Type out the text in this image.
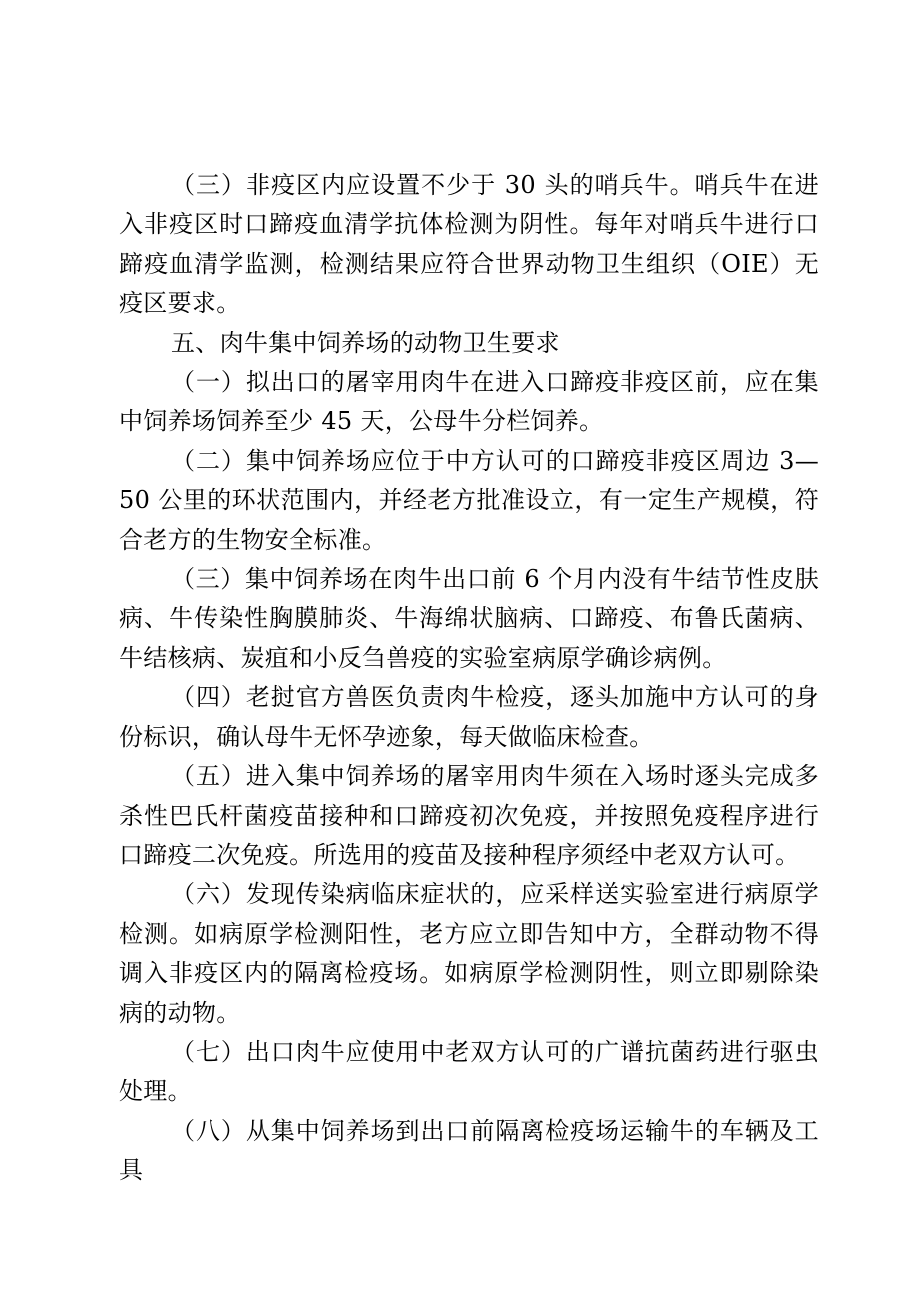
（三）非疫区内应设置不少于 30 头的哨兵牛。哨兵牛在进入非疫区时口蹄疫血清学抗体检测为阴性。每年对哨兵牛进行口蹄疫血清学监测，检测结果应符合世界动物卫生组织（OIE）无疫区要求。

五、肉牛集中饲养场的动物卫生要求

（一）拟出口的屠宰用肉牛在进入口蹄疫非疫区前，应在集中饲养场饲养至少 45 天，公母牛分栏饲养。

（二）集中饲养场应位于中方认可的口蹄疫非疫区周边 3—50 公里的环状范围内，并经老方批准设立，有一定生产规模，符合老方的生物安全标准。

（三）集中饲养场在肉牛出口前 6 个月内没有牛结节性皮肤病、牛传染性胸膜肺炎、牛海绵状脑病、口蹄疫、布鲁氏菌病、牛结核病、炭疽和小反刍兽疫的实验室病原学确诊病例。

（四）老挝官方兽医负责肉牛检疫，逐头加施中方认可的身份标识，确认母牛无怀孕迹象，每天做临床检查。

（五）进入集中饲养场的屠宰用肉牛须在入场时逐头完成多杀性巴氏杆菌疫苗接种和口蹄疫初次免疫，并按照免疫程序进行口蹄疫二次免疫。所选用的疫苗及接种程序须经中老双方认可。

（六）发现传染病临床症状的，应采样送实验室进行病原学检测。如病原学检测阳性，老方应立即告知中方，全群动物不得调入非疫区内的隔离检疫场。如病原学检测阴性，则立即剔除染病的动物。

（七）出口肉牛应使用中老双方认可的广谱抗菌药进行驱虫处理。

（八）从集中饲养场到出口前隔离检疫场运输牛的车辆及工具
